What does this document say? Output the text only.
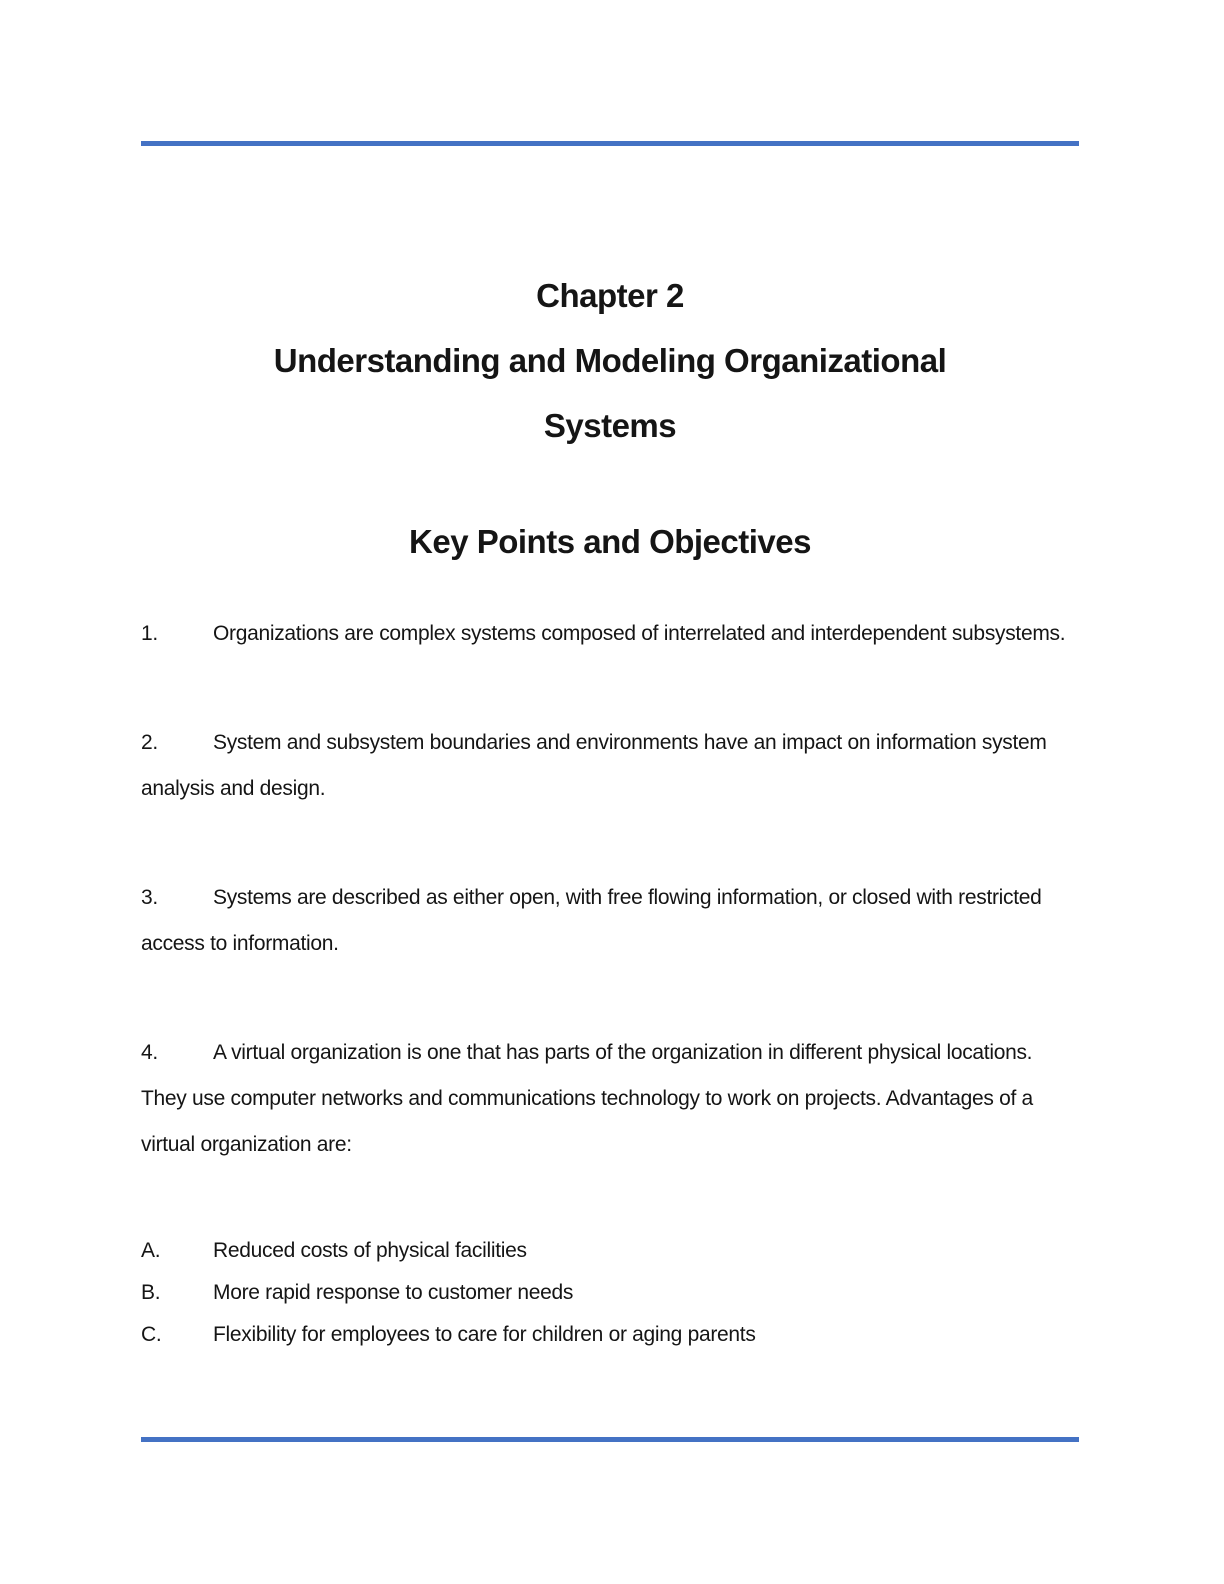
Chapter 2
Understanding and Modeling Organizational
Systems
Key Points and Objectives

1.	Organizations are complex systems composed of interrelated and interdependent subsystems.

2.	System and subsystem boundaries and environments have an impact on information system analysis and design.

3.	Systems are described as either open, with free flowing information, or closed with restricted access to information.

4.	A virtual organization is one that has parts of the organization in different physical locations. They use computer networks and communications technology to work on projects. Advantages of a virtual organization are:

A.	Reduced costs of physical facilities

B.	More rapid response to customer needs

C. Flexibility for employees to care for children or aging parents
